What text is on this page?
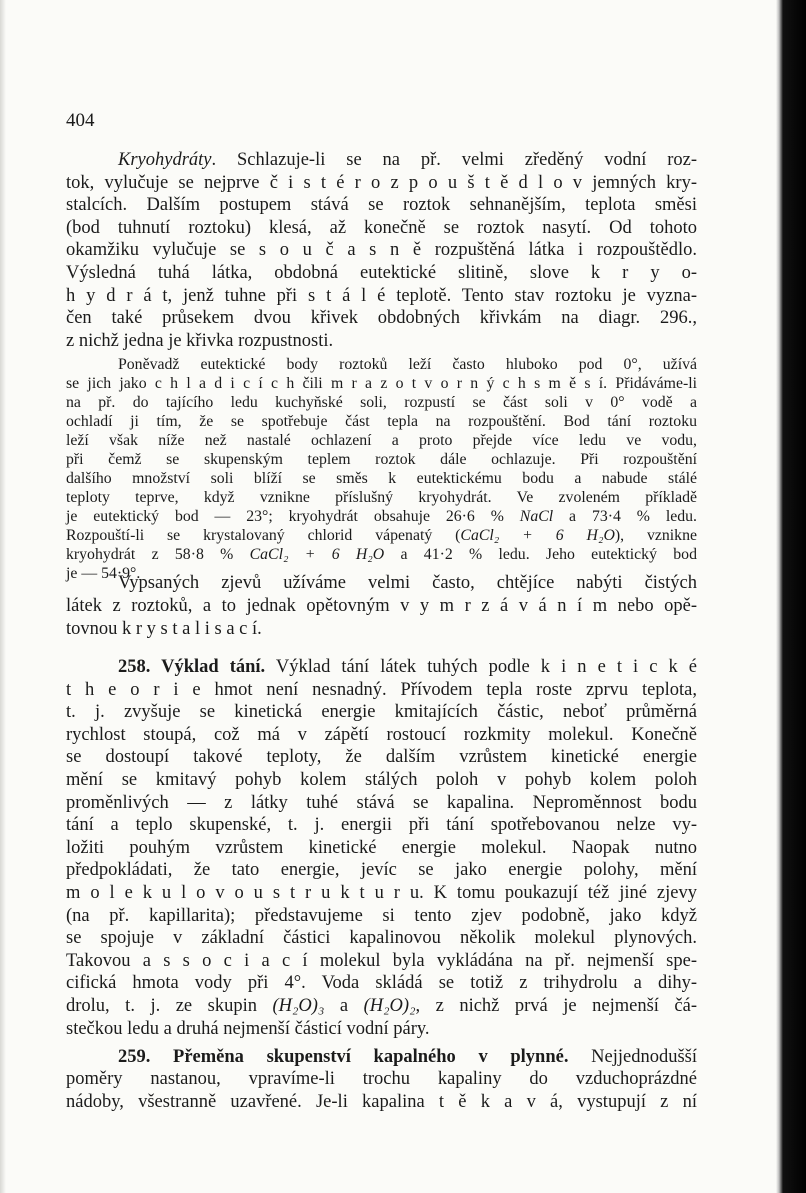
404
Kryohydráty. Schlazuje-li se na př. velmi zředěný vodní roz-
tok, vylučuje se nejprve č i s t é r o z p o u š t ě d l o v jemných kry-
stalcích. Dalším postupem stává se roztok sehnanějším, teplota směsi
(bod tuhnutí roztoku) klesá, až konečně se roztok nasytí. Od tohoto
okamžiku vylučuje se s o u č a s n ě rozpuštěná látka i rozpouštědlo.
Výsledná tuhá látka, obdobná eutektické slitině, slove k r y o-
h y d r á t, jenž tuhne při s t á l é teplotě. Tento stav roztoku je vyzna-
čen také průsekem dvou křivek obdobných křivkám na diagr. 296.,
z nichž jedna je křivka rozpustnosti.
Poněvadž eutektické body roztoků leží často hluboko pod 0°, užívá
se jich jako c h l a d i c í c h čili m r a z o t v o r n ý c h s m ě s í. Přidáváme-li
na př. do tajícího ledu kuchyňské soli, rozpustí se část soli v 0° vodě a
ochladí ji tím, že se spotřebuje část tepla na rozpouštění. Bod tání roztoku
leží však níže než nastalé ochlazení a proto přejde více ledu ve vodu,
při čemž se skupenským teplem roztok dále ochlazuje. Při rozpouštění
dalšího množství soli blíží se směs k eutektickému bodu a nabude stálé
teploty teprve, když vznikne příslušný kryohydrát. Ve zvoleném příkladě
je eutektický bod — 23°; kryohydrát obsahuje 26·6 % NaCl a 73·4 % ledu.
Rozpouští-li se krystalovaný chlorid vápenatý (CaCl₂ + 6 H₂O), vznikne
kryohydrát z 58·8 % CaCl₂ + 6 H₂O a 41·2 % ledu. Jeho eutektický bod
je — 54·9°.
Vypsaných zjevů užíváme velmi často, chtějíce nabýti čistých
látek z roztoků, a to jednak opětovným v y m r z á v á n í m nebo opě-
tovnou k r y s t a l i s a c í.
258. Výklad tání. Výklad tání látek tuhých podle k i n e t i c k é
t h e o r i e hmot není nesnadný. Přívodem tepla roste zprvu teplota,
t. j. zvyšuje se kinetická energie kmitajících částic, neboť průměrná
rychlost stoupá, což má v zápětí rostoucí rozkmity molekul. Konečně
se dostoupí takové teploty, že dalším vzrůstem kinetické energie
mění se kmitavý pohyb kolem stálých poloh v pohyb kolem poloh
proměnlivých — z látky tuhé stává se kapalina. Neproměnnost bodu
tání a teplo skupenské, t. j. energii při tání spotřebovanou nelze vy-
ložiti pouhým vzrůstem kinetické energie molekul. Naopak nutno
předpokládati, že tato energie, jevíc se jako energie polohy, mění
m o l e k u l o v o u s t r u k t u r u. K tomu poukazují též jiné zjevy
(na př. kapillarita); představujeme si tento zjev podobně, jako když
se spojuje v základní částici kapalinovou několik molekul plynových.
Takovou a s s o c i a c í molekul byla vykládána na př. nejmenší spe-
cifická hmota vody při 4°. Voda skládá se totiž z trihydrolu a dihy-
drolu, t. j. ze skupin (H₂O)₃ a (H₂O)₂, z nichž prvá je nejmenší čá-
stečkou ledu a druhá nejmenší částicí vodní páry.
259. Přeměna skupenství kapalného v plynné. Nejjednodušší
poměry nastanou, vpravíme-li trochu kapaliny do vzduchoprázdné
nádoby, všestranně uzavřené. Je-li kapalina t ě k a v á, vystupují z ní
